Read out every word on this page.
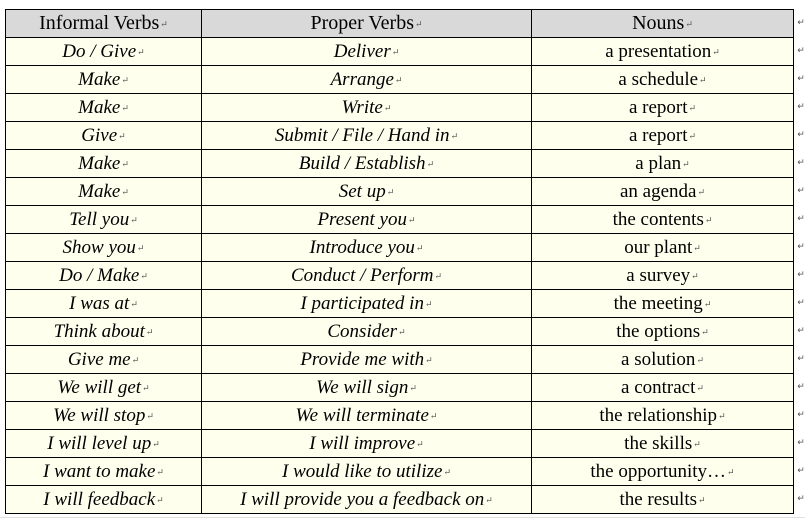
Informal Verbs↵	Proper Verbs↵	Nouns↵
Do / Give↵	Deliver↵	a presentation↵
Make↵	Arrange↵	a schedule↵
Make↵	Write↵	a report↵
Give↵	Submit / File / Hand in↵	a report↵
Make↵	Build / Establish↵	a plan↵
Make↵	Set up↵	an agenda↵
Tell you↵	Present you↵	the contents↵
Show you↵	Introduce you↵	our plant↵
Do / Make↵	Conduct / Perform↵	a survey↵
I was at↵	I participated in↵	the meeting↵
Think about↵	Consider↵	the options↵
Give me↵	Provide me with↵	a solution↵
We will get↵	We will sign↵	a contract↵
We will stop↵	We will terminate↵	the relationship↵
I will level up↵	I will improve↵	the skills↵
I want to make↵	I would like to utilize↵	the opportunity…↵
I will feedback↵	I will provide you a feedback on↵	the results↵
↵
↵
↵
↵
↵
↵
↵
↵
↵
↵
↵
↵
↵
↵
↵
↵
↵
↵
